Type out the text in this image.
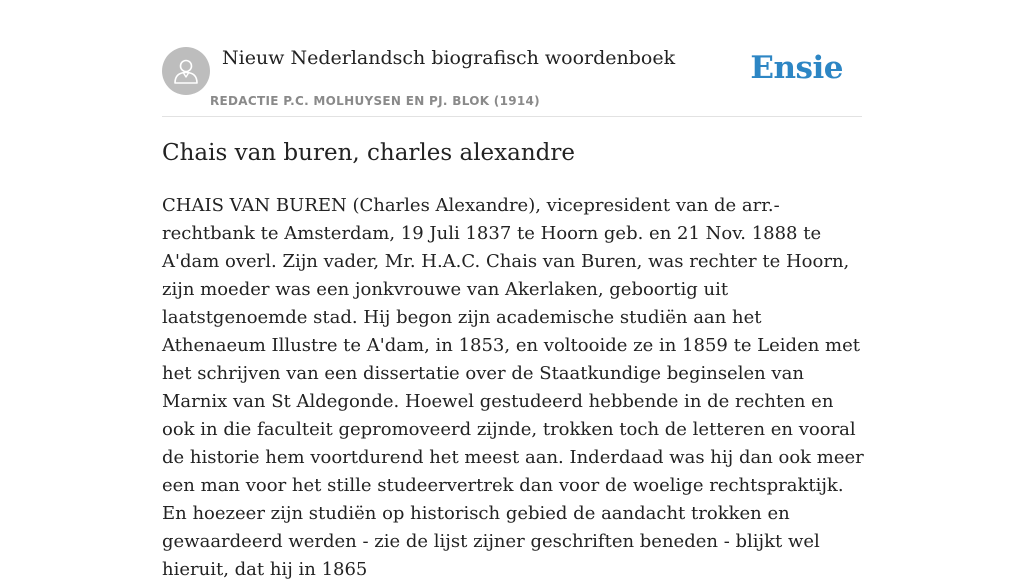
Nieuw Nederlandsch biografisch woordenboek
REDACTIE P.C. MOLHUYSEN EN PJ. BLOK (1914)
Ensie
Chais van buren, charles alexandre

CHAIS VAN BUREN (Charles Alexandre), vicepresident van de arr.-rechtbank te Amsterdam, 19 Juli 1837 te Hoorn geb. en 21 Nov. 1888 te A'dam overl. Zijn vader, Mr. H.A.C. Chais van Buren, was rechter te Hoorn, zijn moeder was een jonkvrouwe van Akerlaken, geboortig uit laatstgenoemde stad. Hij begon zijn academische studiën aan het Athenaeum Illustre te A'dam, in 1853, en voltooide ze in 1859 te Leiden met het schrijven van een dissertatie over de Staatkundige beginselen van Marnix van St Aldegonde. Hoewel gestudeerd hebbende in de rechten en ook in die faculteit gepromoveerd zijnde, trokken toch de letteren en vooral de historie hem voortdurend het meest aan. Inderdaad was hij dan ook meer een man voor het stille studeervertrek dan voor de woelige rechtspraktijk. En hoezeer zijn studiën op historisch gebied de aandacht trokken en gewaardeerd werden - zie de lijst zijner geschriften beneden - blijkt wel hieruit, dat hij in 1865
